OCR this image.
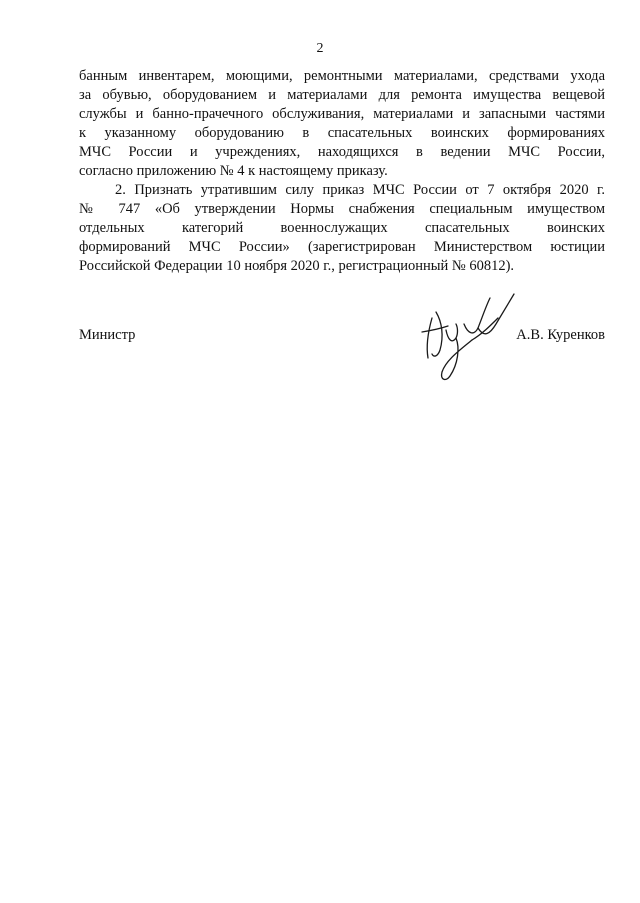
2
банным инвентарем, моющими, ремонтными материалами, средствами ухода
за обувью, оборудованием и материалами для ремонта имущества вещевой
службы и банно-прачечного обслуживания, материалами и запасными частями
к указанному оборудованию в спасательных воинских формированиях
МЧС России и учреждениях, находящихся в ведении МЧС России,
согласно приложению № 4 к настоящему приказу.
2. Признать утратившим силу приказ МЧС России от 7 октября 2020 г.
№ 747 «Об утверждении Нормы снабжения специальным имуществом
отдельных категорий военнослужащих спасательных воинских
формирований МЧС России» (зарегистрирован Министерством юстиции
Российской Федерации 10 ноября 2020 г., регистрационный № 60812).
Министр	А.В. Куренков
